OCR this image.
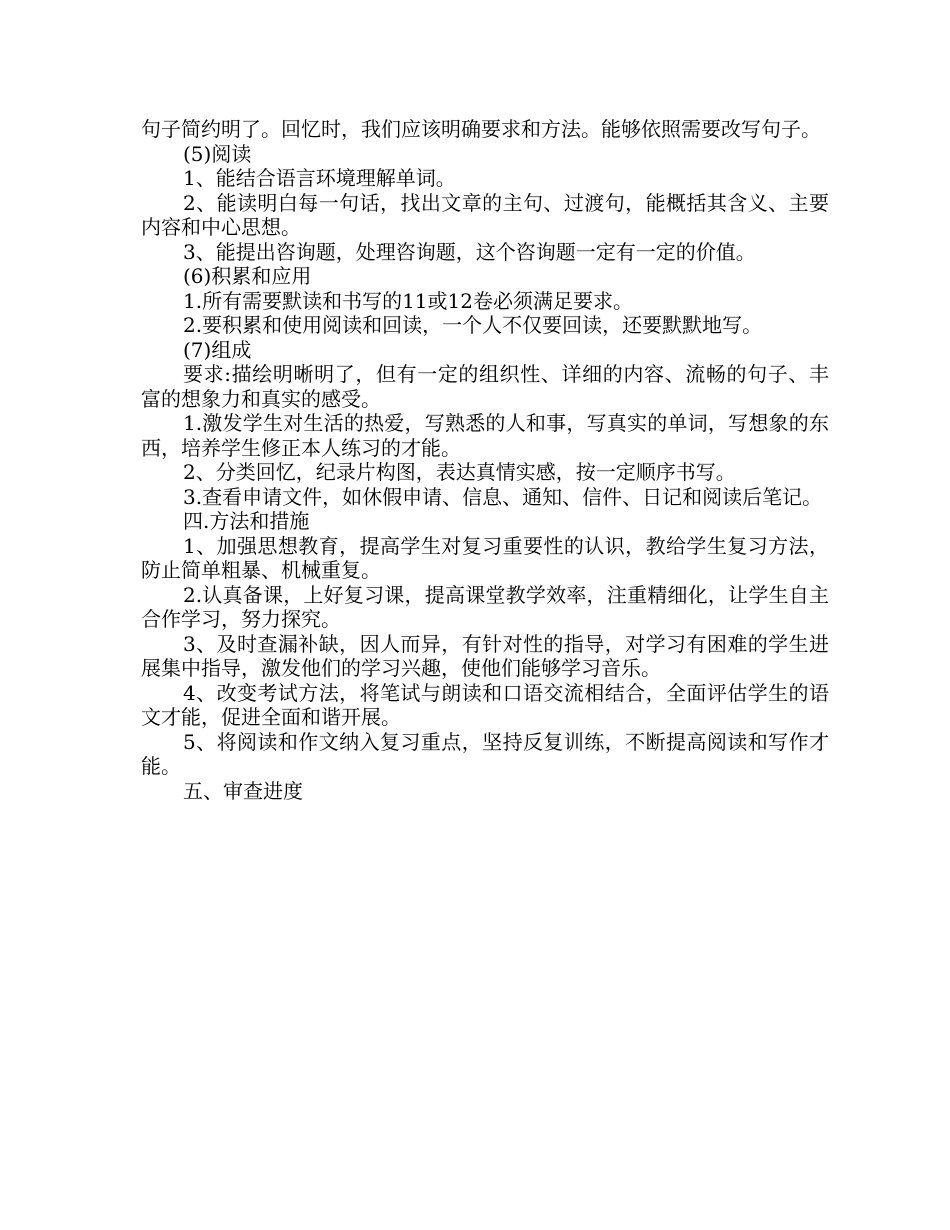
句子简约明了。回忆时，我们应该明确要求和方法。能够依照需要改写句子。

(5)阅读

1、能结合语言环境理解单词。

2、能读明白每一句话，找出文章的主句、过渡句，能概括其含义、主要内容和中心思想。

3、能提出咨询题，处理咨询题，这个咨询题一定有一定的价值。

(6)积累和应用

1.所有需要默读和书写的11或12卷必须满足要求。

2.要积累和使用阅读和回读，一个人不仅要回读，还要默默地写。

(7)组成

要求:描绘明晰明了，但有一定的组织性、详细的内容、流畅的句子、丰富的想象力和真实的感受。

1.激发学生对生活的热爱，写熟悉的人和事，写真实的单词，写想象的东西，培养学生修正本人练习的才能。

2、分类回忆，纪录片构图，表达真情实感，按一定顺序书写。

3.查看申请文件，如休假申请、信息、通知、信件、日记和阅读后笔记。

四.方法和措施

1、加强思想教育，提高学生对复习重要性的认识，教给学生复习方法，防止简单粗暴、机械重复。

2.认真备课，上好复习课，提高课堂教学效率，注重精细化，让学生自主合作学习，努力探究。

3、及时查漏补缺，因人而异，有针对性的指导，对学习有困难的学生进展集中指导，激发他们的学习兴趣，使他们能够学习音乐。

4、改变考试方法，将笔试与朗读和口语交流相结合，全面评估学生的语文才能，促进全面和谐开展。

5、将阅读和作文纳入复习重点，坚持反复训练，不断提高阅读和写作才能。

五、审查进度
